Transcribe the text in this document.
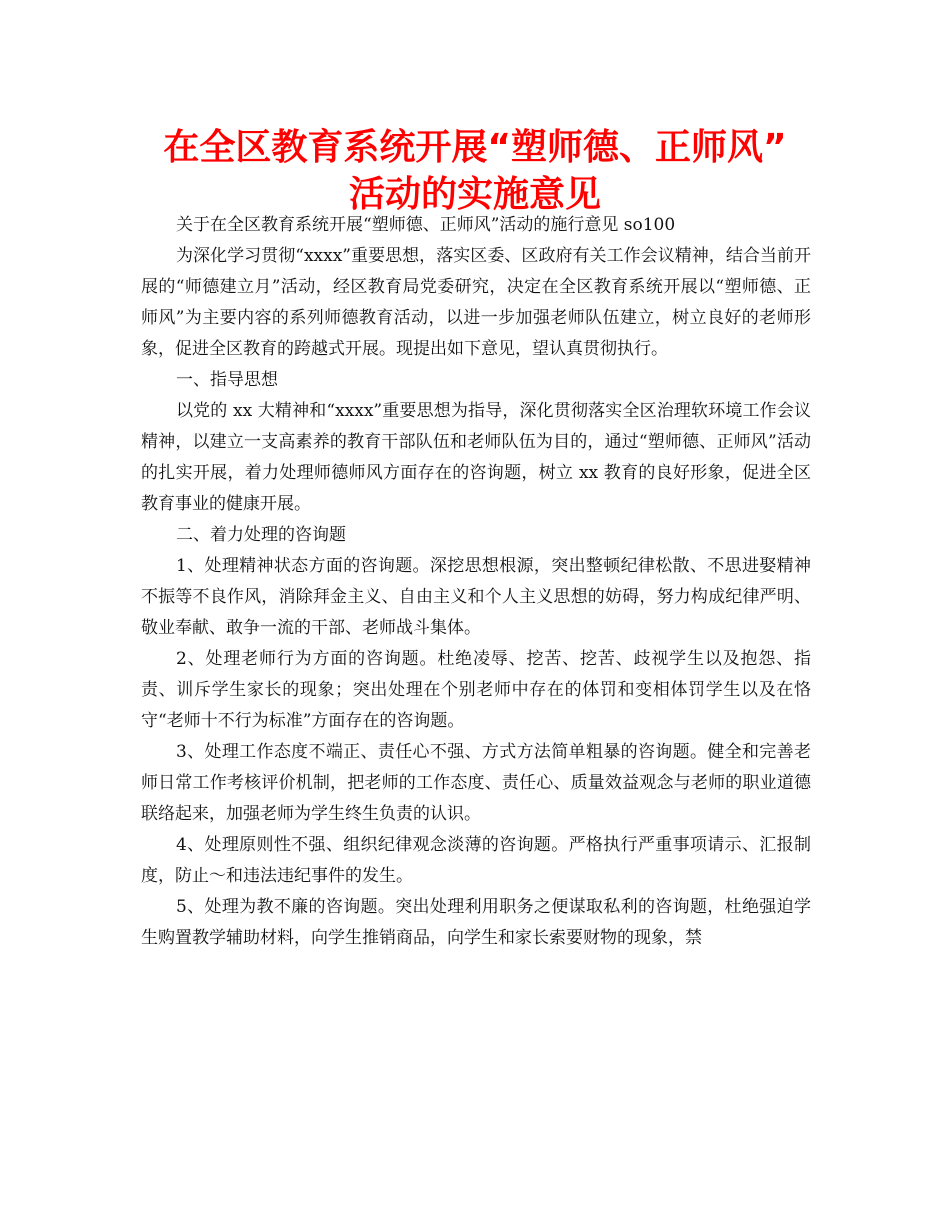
在全区教育系统开展“塑师德、正师风”
活动的实施意见

关于在全区教育系统开展“塑师德、正师风”活动的施行意见 so100

为深化学习贯彻“xxxx”重要思想，落实区委、区政府有关工作会议精神，结合当前开展的“师德建立月”活动，经区教育局党委研究，决定在全区教育系统开展以“塑师德、正师风”为主要内容的系列师德教育活动，以进一步加强老师队伍建立，树立良好的老师形象，促进全区教育的跨越式开展。现提出如下意见，望认真贯彻执行。

一、指导思想

以党的 xx 大精神和“xxxx”重要思想为指导，深化贯彻落实全区治理软环境工作会议精神，以建立一支高素养的教育干部队伍和老师队伍为目的，通过“塑师德、正师风”活动的扎实开展，着力处理师德师风方面存在的咨询题，树立 xx 教育的良好形象，促进全区教育事业的健康开展。

二、着力处理的咨询题

1、处理精神状态方面的咨询题。深挖思想根源，突出整顿纪律松散、不思进娶精神不振等不良作风，消除拜金主义、自由主义和个人主义思想的妨碍，努力构成纪律严明、敬业奉献、敢争一流的干部、老师战斗集体。

2、处理老师行为方面的咨询题。杜绝凌辱、挖苦、挖苦、歧视学生以及抱怨、指责、训斥学生家长的现象；突出处理在个别老师中存在的体罚和变相体罚学生以及在恪守“老师十不行为标准”方面存在的咨询题。

3、处理工作态度不端正、责任心不强、方式方法简单粗暴的咨询题。健全和完善老师日常工作考核评价机制，把老师的工作态度、责任心、质量效益观念与老师的职业道德联络起来，加强老师为学生终生负责的认识。

4、处理原则性不强、组织纪律观念淡薄的咨询题。严格执行严重事项请示、汇报制度，防止～和违法违纪事件的发生。

5、处理为教不廉的咨询题。突出处理利用职务之便谋取私利的咨询题，杜绝强迫学生购置教学辅助材料，向学生推销商品，向学生和家长索要财物的现象，禁
